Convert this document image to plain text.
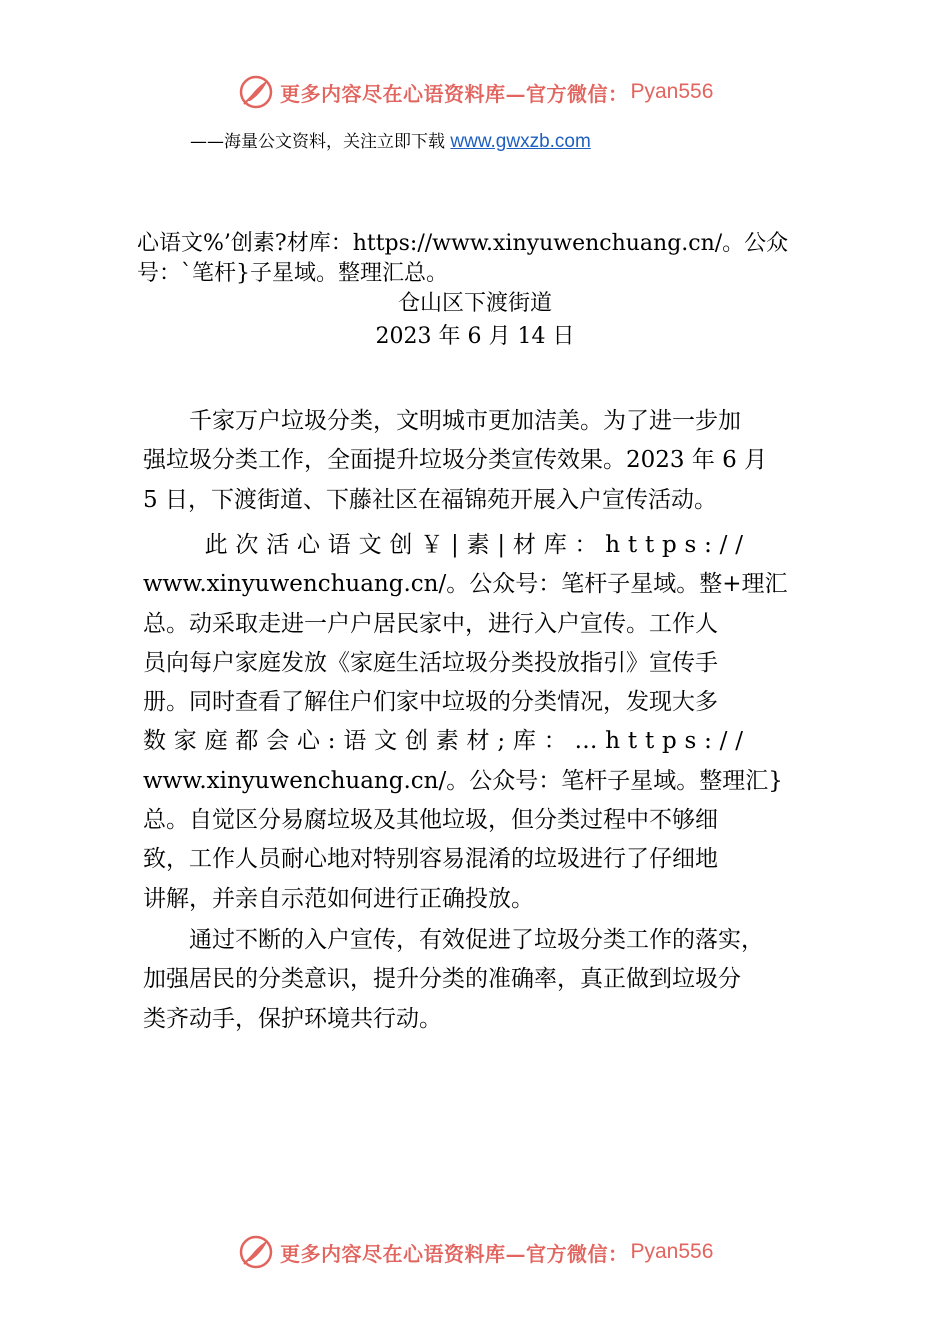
更多内容尽在心语资料库—官方微信： Pyan556
——海量公文资料，关注立即下载 www.gwxzb.com

心语文%’创素?材库：https://www.xinyuwenchuang.cn/。公众

号：`笔杆}子星域。整理汇总。

仓山区下渡街道

2023 年 6 月 14 日

　　千家万户垃圾分类，文明城市更加洁美。为了进一步加
强垃圾分类工作，全面提升垃圾分类宣传效果。2023 年 6 月
5 日，下渡街道、下藤社区在福锦苑开展入户宣传活动。
　　此次活心语文创￥|素|材库：https://
www.xinyuwenchuang.cn/。公众号：笔杆子星域。整+理汇
总。动采取走进一户户居民家中，进行入户宣传。工作人
员向每户家庭发放《家庭生活垃圾分类投放指引》宣传手
册。同时查看了解住户们家中垃圾的分类情况，发现大多
数家庭都会心:语文创素材;库：…https://
www.xinyuwenchuang.cn/。公众号：笔杆子星域。整理汇}
总。自觉区分易腐垃圾及其他垃圾，但分类过程中不够细
致，工作人员耐心地对特别容易混淆的垃圾进行了仔细地
讲解，并亲自示范如何进行正确投放。
　　通过不断的入户宣传，有效促进了垃圾分类工作的落实，
加强居民的分类意识，提升分类的准确率，真正做到垃圾分
类齐动手，保护环境共行动。
更多内容尽在心语资料库—官方微信： Pyan556
